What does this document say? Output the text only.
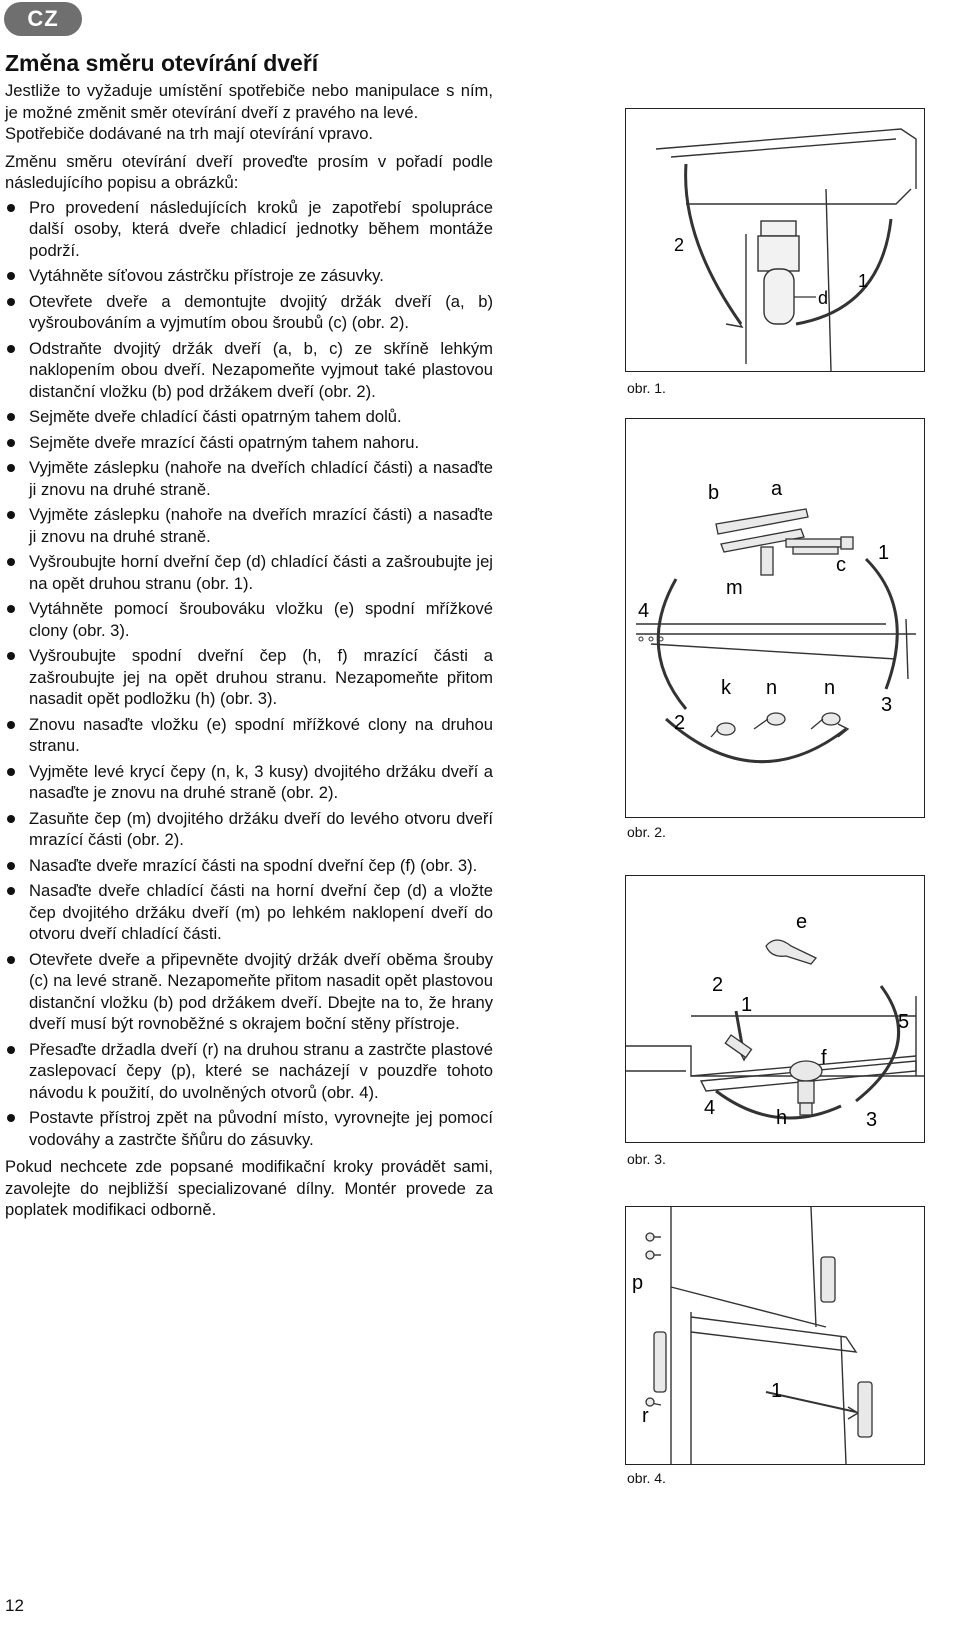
CZ
Změna směru otevírání dveří

Jestliže to vyžaduje umístění spotřebiče nebo manipulace s ním, je možné změnit směr otevírání dveří z pravého na levé.

Spotřebiče dodávané na trh mají otevírání vpravo.

Změnu směru otevírání dveří proveďte prosím v pořadí podle následujícího popisu a obrázků:

Pro provedení následujících kroků je zapotřebí spolupráce další osoby, která dveře chladicí jednotky během montáže podrží.
Vytáhněte síťovou zástrčku přístroje ze zásuvky.
Otevřete dveře a demontujte dvojitý držák dveří (a, b) vyšroubováním a vyjmutím obou šroubů (c) (obr. 2).
Odstraňte dvojitý držák dveří (a, b, c) ze skříně lehkým naklopením obou dveří. Nezapomeňte vyjmout také plastovou distanční vložku (b) pod držákem dveří (obr. 2).
Sejměte dveře chladící části opatrným tahem dolů.
Sejměte dveře mrazící části opatrným tahem nahoru.
Vyjměte záslepku (nahoře na dveřích chladící části) a nasaďte ji znovu na druhé straně.
Vyjměte záslepku (nahoře na dveřích mrazící části) a nasaďte ji znovu na druhé straně.
Vyšroubujte horní dveřní čep (d) chladící části a zašroubujte jej na opět druhou stranu (obr. 1).
Vytáhněte pomocí šroubováku vložku (e) spodní mřížkové clony (obr. 3).
Vyšroubujte spodní dveřní čep (h, f) mrazící části a zašroubujte jej na opět druhou stranu. Nezapomeňte přitom nasadit opět podložku (h) (obr. 3).
Znovu nasaďte vložku (e) spodní mřížkové clony na druhou stranu.
Vyjměte levé krycí čepy (n, k, 3 kusy) dvojitého držáku dveří a nasaďte je znovu na druhé straně (obr. 2).
Zasuňte čep (m) dvojitého držáku dveří do levého otvoru dveří mrazící části (obr. 2).
Nasaďte dveře mrazící části na spodní dveřní čep (f) (obr. 3).
Nasaďte dveře chladící části na horní dveřní čep (d) a vložte čep dvojitého držáku dveří (m) po lehkém naklopení dveří do otvoru dveří chladící části.
Otevřete dveře a připevněte dvojitý držák dveří oběma šrouby (c) na levé straně. Nezapomeňte přitom nasadit opět plastovou distanční vložku (b) pod držákem dveří. Dbejte na to, že hrany dveří musí být rovnoběžné s okrajem boční stěny přístroje.
Přesaďte držadla dveří (r) na druhou stranu a zastrčte plastové zaslepovací čepy (p), které se nacházejí v pouzdře tohoto návodu k použití, do uvolněných otvorů (obr. 4).
Postavte přístroj zpět na původní místo, vyrovnejte jej pomocí vodováhy a zastrčte šňůru do zásuvky.

Pokud nechcete zde popsané modifikační kroky provádět sami, zavolejte do nejbližší specializované dílny. Montér provede za poplatek modifikaci odborně.

2
1
d
obr. 1.
b	a
1
c
m
4
k n n
2
3
obr. 2.
e
2
1
5
f
4	h	3
obr. 3.
p
1
r
obr. 4.
12
